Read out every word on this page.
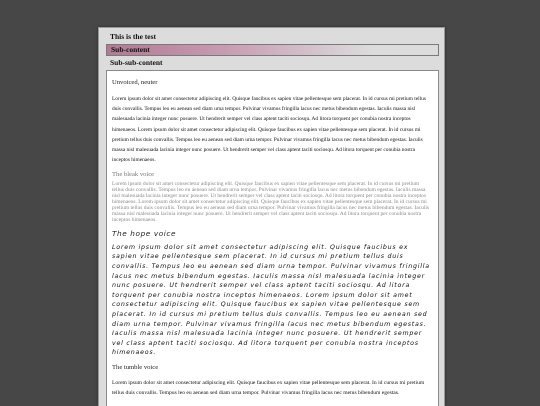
This is the test
Sub-content
Sub-sub-content
Unvoiced, neuter

Lorem ipsum dolor sit amet consectetur adipiscing elit. Quisque faucibus ex sapien vitae pellentesque sem placerat. In id cursus mi pretium tellus duis convallis. Tempus leo eu aenean sed diam urna tempor. Pulvinar vivamus fringilla lacus nec metus bibendum egestas. Iaculis massa nisl malesuada lacinia integer nunc posuere. Ut hendrerit semper vel class aptent taciti sociosqu. Ad litora torquent per conubia nostra inceptos himenaeos. Lorem ipsum dolor sit amet consectetur adipiscing elit. Quisque faucibus ex sapien vitae pellentesque sem placerat. In id cursus mi pretium tellus duis convallis. Tempus leo eu aenean sed diam urna tempor. Pulvinar vivamus fringilla lacus nec metus bibendum egestas. Iaculis massa nisl malesuada lacinia integer nunc posuere. Ut hendrerit semper vel class aptent taciti sociosqu. Ad litora torquent per conubia nostra inceptos himenaeos.

The bleak voice

Lorem ipsum dolor sit amet consectetur adipiscing elit. Quisque faucibus ex sapien vitae pellentesque sem placerat. In id cursus mi pretium tellus duis convallis. Tempus leo eu aenean sed diam urna tempor. Pulvinar vivamus fringilla lacus nec metus bibendum egestas. Iaculis massa nisl malesuada lacinia integer nunc posuere. Ut hendrerit semper vel class aptent taciti sociosqu. Ad litora torquent per conubia nostra inceptos himenaeos. Lorem ipsum dolor sit amet consectetur adipiscing elit. Quisque faucibus ex sapien vitae pellentesque sem placerat. In id cursus mi pretium tellus duis convallis. Tempus leo eu aenean sed diam urna tempor. Pulvinar vivamus fringilla lacus nec metus bibendum egestas. Iaculis massa nisl malesuada lacinia integer nunc posuere. Ut hendrerit semper vel class aptent taciti sociosqu. Ad litora torquent per conubia nostra inceptos himenaeos.

The hope voice

Lorem ipsum dolor sit amet consectetur adipiscing elit. Quisque faucibus ex sapien vitae pellentesque sem placerat. In id cursus mi pretium tellus duis convallis. Tempus leo eu aenean sed diam urna tempor. Pulvinar vivamus fringilla lacus nec metus bibendum egestas. Iaculis massa nisl malesuada lacinia integer nunc posuere. Ut hendrerit semper vel class aptent taciti sociosqu. Ad litora torquent per conubia nostra inceptos himenaeos. Lorem ipsum dolor sit amet consectetur adipiscing elit. Quisque faucibus ex sapien vitae pellentesque sem placerat. In id cursus mi pretium tellus duis convallis. Tempus leo eu aenean sed diam urna tempor. Pulvinar vivamus fringilla lacus nec metus bibendum egestas. Iaculis massa nisl malesuada lacinia integer nunc posuere. Ut hendrerit semper vel class aptent taciti sociosqu. Ad litora torquent per conubia nostra inceptos himenaeos.

The tumble voice

Lorem ipsum dolor sit amet consectetur adipiscing elit. Quisque faucibus ex sapien vitae pellentesque sem placerat. In id cursus mi pretium tellus duis convallis. Tempus leo eu aenean sed diam urna tempor. Pulvinar vivamus fringilla lacus nec metus bibendum egestas.
